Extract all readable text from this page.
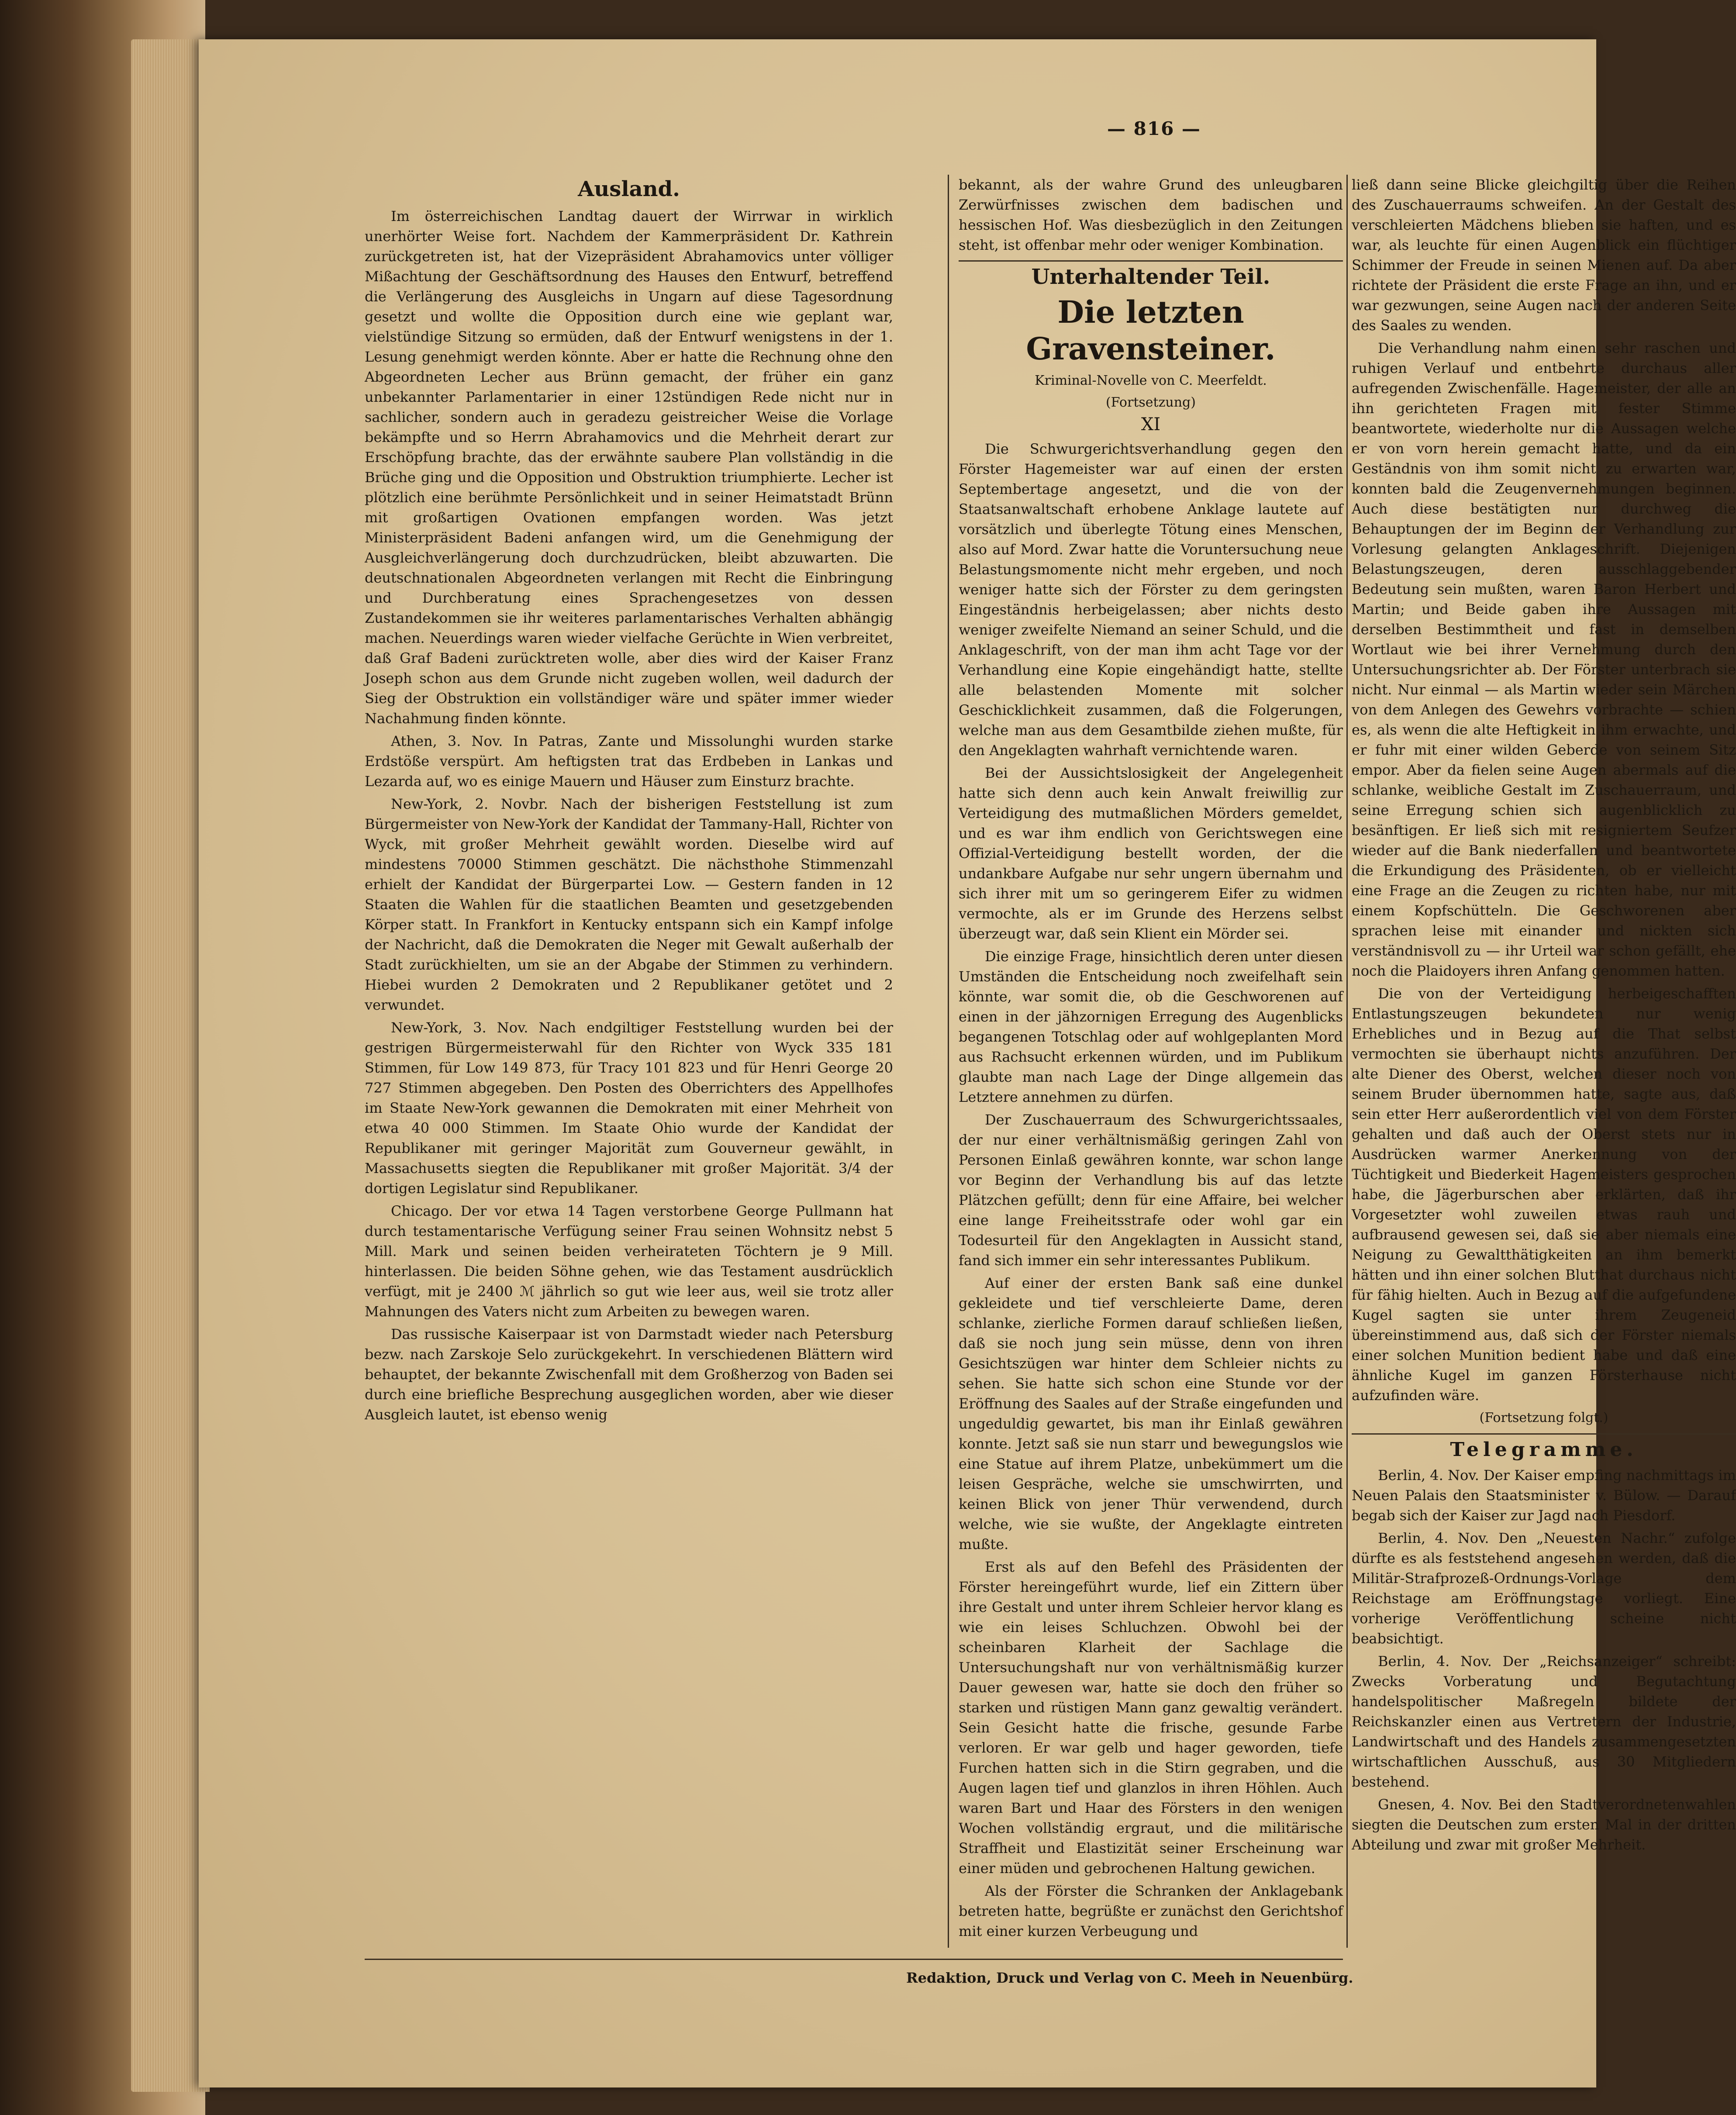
— 816 —
Ausland.

Im österreichischen Landtag dauert der Wirrwar in wirklich unerhörter Weise fort. Nachdem der Kammerpräsident Dr. Kathrein zurückgetreten ist, hat der Vizepräsident Abrahamovics unter völliger Mißachtung der Geschäftsordnung des Hauses den Entwurf, betreffend die Verlängerung des Ausgleichs in Ungarn auf diese Tagesordnung gesetzt und wollte die Opposition durch eine wie geplant war, vielstündige Sitzung so ermüden, daß der Entwurf wenigstens in der 1. Lesung genehmigt werden könnte. Aber er hatte die Rechnung ohne den Abgeordneten Lecher aus Brünn gemacht, der früher ein ganz unbekannter Parlamentarier in einer 12stündigen Rede nicht nur in sachlicher, sondern auch in geradezu geistreicher Weise die Vorlage bekämpfte und so Herrn Abrahamovics und die Mehrheit derart zur Erschöpfung brachte, das der erwähnte saubere Plan vollständig in die Brüche ging und die Opposition und Obstruktion triumphierte. Lecher ist plötzlich eine berühmte Persönlichkeit und in seiner Heimatstadt Brünn mit großartigen Ovationen empfangen worden. Was jetzt Ministerpräsident Badeni anfangen wird, um die Genehmigung der Ausgleichverlängerung doch durchzudrücken, bleibt abzuwarten. Die deutschnationalen Abgeordneten verlangen mit Recht die Einbringung und Durchberatung eines Sprachengesetzes von dessen Zustandekommen sie ihr weiteres parlamentarisches Verhalten abhängig machen. Neuerdings waren wieder vielfache Gerüchte in Wien verbreitet, daß Graf Badeni zurücktreten wolle, aber dies wird der Kaiser Franz Joseph schon aus dem Grunde nicht zugeben wollen, weil dadurch der Sieg der Obstruktion ein vollständiger wäre und später immer wieder Nachahmung finden könnte.

Athen, 3. Nov. In Patras, Zante und Missolunghi wurden starke Erdstöße verspürt. Am heftigsten trat das Erdbeben in Lankas und Lezarda auf, wo es einige Mauern und Häuser zum Einsturz brachte.

New-York, 2. Novbr. Nach der bisherigen Feststellung ist zum Bürgermeister von New-York der Kandidat der Tammany-Hall, Richter von Wyck, mit großer Mehrheit gewählt worden. Dieselbe wird auf mindestens 70000 Stimmen geschätzt. Die nächsthohe Stimmenzahl erhielt der Kandidat der Bürgerpartei Low. — Gestern fanden in 12 Staaten die Wahlen für die staatlichen Beamten und gesetzgebenden Körper statt. In Frankfort in Kentucky entspann sich ein Kampf infolge der Nachricht, daß die Demokraten die Neger mit Gewalt außerhalb der Stadt zurückhielten, um sie an der Abgabe der Stimmen zu verhindern. Hiebei wurden 2 Demokraten und 2 Republikaner getötet und 2 verwundet.

New-York, 3. Nov. Nach endgiltiger Feststellung wurden bei der gestrigen Bürgermeisterwahl für den Richter von Wyck 335 181 Stimmen, für Low 149 873, für Tracy 101 823 und für Henri George 20 727 Stimmen abgegeben. Den Posten des Oberrichters des Appellhofes im Staate New-York gewannen die Demokraten mit einer Mehrheit von etwa 40 000 Stimmen. Im Staate Ohio wurde der Kandidat der Republikaner mit geringer Majorität zum Gouverneur gewählt, in Massachusetts siegten die Republikaner mit großer Majorität. 3/4 der dortigen Legislatur sind Republikaner.

Chicago. Der vor etwa 14 Tagen verstorbene George Pullmann hat durch testamentarische Verfügung seiner Frau seinen Wohnsitz nebst 5 Mill. Mark und seinen beiden verheirateten Töchtern je 9 Mill. hinterlassen. Die beiden Söhne gehen, wie das Testament ausdrücklich verfügt, mit je 2400 ℳ jährlich so gut wie leer aus, weil sie trotz aller Mahnungen des Vaters nicht zum Arbeiten zu bewegen waren.

Das russische Kaiserpaar ist von Darmstadt wieder nach Petersburg bezw. nach Zarskoje Selo zurückgekehrt. In verschiedenen Blättern wird behauptet, der bekannte Zwischenfall mit dem Großherzog von Baden sei durch eine briefliche Besprechung ausgeglichen worden, aber wie dieser Ausgleich lautet, ist ebenso wenig

bekannt, als der wahre Grund des unleugbaren Zerwürfnisses zwischen dem badischen und hessischen Hof. Was diesbezüglich in den Zeitungen steht, ist offenbar mehr oder weniger Kombination.

Unterhaltender Teil.
Die letzten Gravensteiner.
Kriminal-Novelle von C. Meerfeldt.
(Fortsetzung)
XI

Die Schwurgerichtsverhandlung gegen den Förster Hagemeister war auf einen der ersten Septembertage angesetzt, und die von der Staatsanwaltschaft erhobene Anklage lautete auf vorsätzlich und überlegte Tötung eines Menschen, also auf Mord. Zwar hatte die Voruntersuchung neue Belastungsmomente nicht mehr ergeben, und noch weniger hatte sich der Förster zu dem geringsten Eingeständnis herbeigelassen; aber nichts desto weniger zweifelte Niemand an seiner Schuld, und die Anklageschrift, von der man ihm acht Tage vor der Verhandlung eine Kopie eingehändigt hatte, stellte alle belastenden Momente mit solcher Geschicklichkeit zusammen, daß die Folgerungen, welche man aus dem Gesamtbilde ziehen mußte, für den Angeklagten wahrhaft vernichtende waren.

Bei der Aussichtslosigkeit der Angelegenheit hatte sich denn auch kein Anwalt freiwillig zur Verteidigung des mutmaßlichen Mörders gemeldet, und es war ihm endlich von Gerichtswegen eine Offizial-Verteidigung bestellt worden, der die undankbare Aufgabe nur sehr ungern übernahm und sich ihrer mit um so geringerem Eifer zu widmen vermochte, als er im Grunde des Herzens selbst überzeugt war, daß sein Klient ein Mörder sei.

Die einzige Frage, hinsichtlich deren unter diesen Umständen die Entscheidung noch zweifelhaft sein könnte, war somit die, ob die Geschworenen auf einen in der jähzornigen Erregung des Augenblicks begangenen Totschlag oder auf wohlgeplanten Mord aus Rachsucht erkennen würden, und im Publikum glaubte man nach Lage der Dinge allgemein das Letztere annehmen zu dürfen.

Der Zuschauerraum des Schwurgerichtssaales, der nur einer verhältnismäßig geringen Zahl von Personen Einlaß gewähren konnte, war schon lange vor Beginn der Verhandlung bis auf das letzte Plätzchen gefüllt; denn für eine Affaire, bei welcher eine lange Freiheitsstrafe oder wohl gar ein Todesurteil für den Angeklagten in Aussicht stand, fand sich immer ein sehr interessantes Publikum.

Auf einer der ersten Bank saß eine dunkel gekleidete und tief verschleierte Dame, deren schlanke, zierliche Formen darauf schließen ließen, daß sie noch jung sein müsse, denn von ihren Gesichtszügen war hinter dem Schleier nichts zu sehen. Sie hatte sich schon eine Stunde vor der Eröffnung des Saales auf der Straße eingefunden und ungeduldig gewartet, bis man ihr Einlaß gewähren konnte. Jetzt saß sie nun starr und bewegungslos wie eine Statue auf ihrem Platze, unbekümmert um die leisen Gespräche, welche sie umschwirrten, und keinen Blick von jener Thür verwendend, durch welche, wie sie wußte, der Angeklagte eintreten mußte.

Erst als auf den Befehl des Präsidenten der Förster hereingeführt wurde, lief ein Zittern über ihre Gestalt und unter ihrem Schleier hervor klang es wie ein leises Schluchzen. Obwohl bei der scheinbaren Klarheit der Sachlage die Untersuchungshaft nur von verhältnismäßig kurzer Dauer gewesen war, hatte sie doch den früher so starken und rüstigen Mann ganz gewaltig verändert. Sein Gesicht hatte die frische, gesunde Farbe verloren. Er war gelb und hager geworden, tiefe Furchen hatten sich in die Stirn gegraben, und die Augen lagen tief und glanzlos in ihren Höhlen. Auch waren Bart und Haar des Försters in den wenigen Wochen vollständig ergraut, und die militärische Straffheit und Elastizität seiner Erscheinung war einer müden und gebrochenen Haltung gewichen.

Als der Förster die Schranken der Anklagebank betreten hatte, begrüßte er zunächst den Gerichtshof mit einer kurzen Verbeugung und

ließ dann seine Blicke gleichgiltig über die Reihen des Zuschauerraums schweifen. An der Gestalt des verschleierten Mädchens blieben sie haften, und es war, als leuchte für einen Augenblick ein flüchtiger Schimmer der Freude in seinen Mienen auf. Da aber richtete der Präsident die erste Frage an ihn, und er war gezwungen, seine Augen nach der anderen Seite des Saales zu wenden.

Die Verhandlung nahm einen sehr raschen und ruhigen Verlauf und entbehrte durchaus aller aufregenden Zwischenfälle. Hagemeister, der alle an ihn gerichteten Fragen mit fester Stimme beantwortete, wiederholte nur die Aussagen welche er von vorn herein gemacht hatte, und da ein Geständnis von ihm somit nicht zu erwarten war, konnten bald die Zeugenvernehmungen beginnen. Auch diese bestätigten nur durchweg die Behauptungen der im Beginn der Verhandlung zur Vorlesung gelangten Anklageschrift. Diejenigen Belastungszeugen, deren ausschlaggebender Bedeutung sein mußten, waren Baron Herbert und Martin; und Beide gaben ihre Aussagen mit derselben Bestimmtheit und fast in demselben Wortlaut wie bei ihrer Vernehmung durch den Untersuchungsrichter ab. Der Förster unterbrach sie nicht. Nur einmal — als Martin wieder sein Märchen von dem Anlegen des Gewehrs vorbrachte — schien es, als wenn die alte Heftigkeit in ihm erwachte, und er fuhr mit einer wilden Geberde von seinem Sitz empor. Aber da fielen seine Augen abermals auf die schlanke, weibliche Gestalt im Zuschauerraum, und seine Erregung schien sich augenblicklich zu besänftigen. Er ließ sich mit resigniertem Seufzer wieder auf die Bank niederfallen und beantwortete die Erkundigung des Präsidenten, ob er vielleicht eine Frage an die Zeugen zu richten habe, nur mit einem Kopfschütteln. Die Geschworenen aber sprachen leise mit einander und nickten sich verständnisvoll zu — ihr Urteil war schon gefällt, ehe noch die Plaidoyers ihren Anfang genommen hatten.

Die von der Verteidigung herbeigeschafften Entlastungszeugen bekundeten nur wenig Erhebliches und in Bezug auf die That selbst vermochten sie überhaupt nichts anzuführen. Der alte Diener des Oberst, welchen dieser noch von seinem Bruder übernommen hatte, sagte aus, daß sein etter Herr außerordentlich viel von dem Förster gehalten und daß auch der Oberst stets nur in Ausdrücken warmer Anerkennung von der Tüchtigkeit und Biederkeit Hagemeisters gesprochen habe, die Jägerburschen aber erklärten, daß ihr Vorgesetzter wohl zuweilen etwas rauh und aufbrausend gewesen sei, daß sie aber niemals eine Neigung zu Gewaltthätigkeiten an ihm bemerkt hätten und ihn einer solchen Blutthat durchaus nicht für fähig hielten. Auch in Bezug auf die aufgefundene Kugel sagten sie unter ihrem Zeugeneid übereinstimmend aus, daß sich der Förster niemals einer solchen Munition bedient habe und daß eine ähnliche Kugel im ganzen Försterhause nicht aufzufinden wäre.

(Fortsetzung folgt.)
Telegramme.

Berlin, 4. Nov. Der Kaiser empfing nachmittags im Neuen Palais den Staatsminister v. Bülow. — Darauf begab sich der Kaiser zur Jagd nach Piesdorf.

Berlin, 4. Nov. Den „Neuesten Nachr.“ zufolge dürfte es als feststehend angesehen werden, daß die Militär-Strafprozeß-Ordnungs-Vorlage dem Reichstage am Eröffnungstage vorliegt. Eine vorherige Veröffentlichung scheine nicht beabsichtigt.

Berlin, 4. Nov. Der „Reichsanzeiger“ schreibt: Zwecks Vorberatung und Begutachtung handelspolitischer Maßregeln bildete der Reichskanzler einen aus Vertretern der Industrie, Landwirtschaft und des Handels zusammengesetzten wirtschaftlichen Ausschuß, aus 30 Mitgliedern bestehend.

Gnesen, 4. Nov. Bei den Stadtverordnetenwahlen siegten die Deutschen zum ersten Mal in der dritten Abteilung und zwar mit großer Mehrheit.

Redaktion, Druck und Verlag von C. Meeh in Neuenbürg.
